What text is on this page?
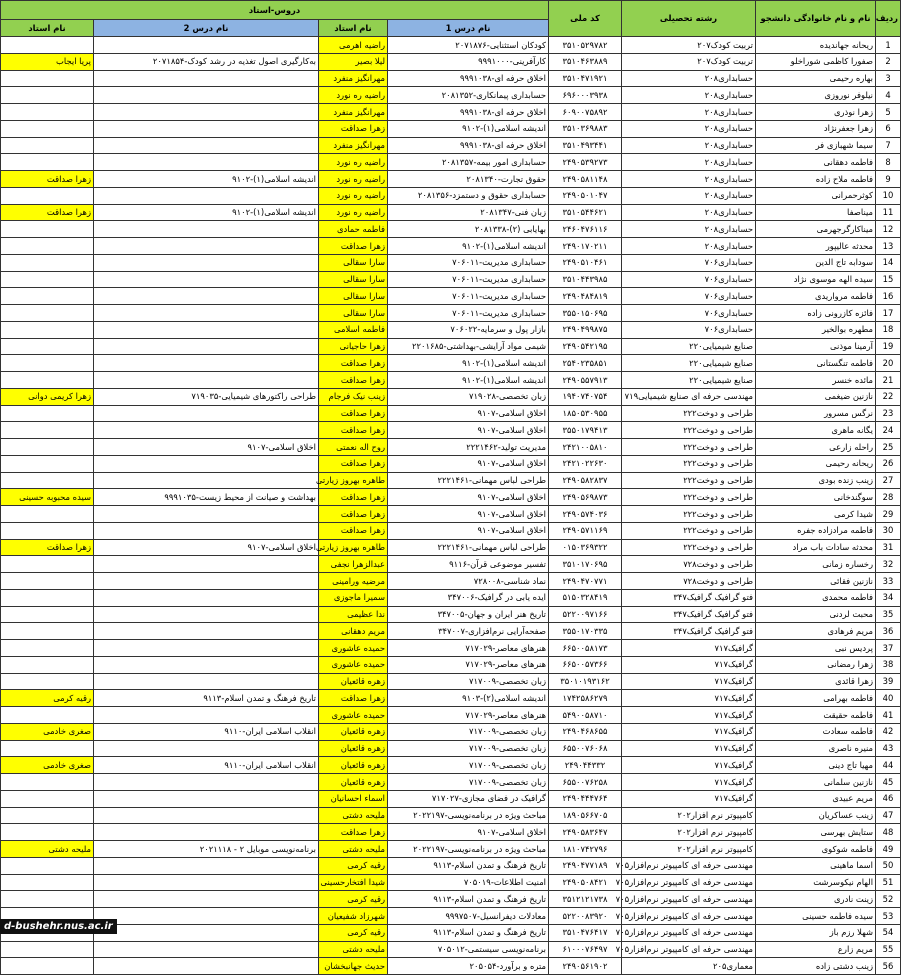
ردیف	نام و نام خانوادگی دانشجو	رشته تحصیلی	کد ملی	دروس-استاد			
				نام درس 1	نام استاد	نام درس 2	نام استاد
1	ریحانه جهاندیده	تربیت کودک۲۰۷	۳۵۱۰۵۲۹۷۸۲	کودکان استثنایی-۲۰۷۱۸۷۶	راضیه اهرمی		
2	صفورا کاظمی شوراخلو	تربیت کودک۲۰۷	۳۵۱۰۴۶۳۸۸۹	کارآفرینی-۹۹۹۱۰۰۰	لیلا بصیر	به‌کارگیری اصول تغذیه در رشد کودک-۲۰۷۱۸۵۴	پریا ایجاب
3	بهاره رحیمی	حسابداری۲۰۸	۳۵۱۰۴۷۱۹۲۱	اخلاق حرفه ای-۹۹۹۱۰۳۸	مهرانگیز منفرد		
4	نیلوفر نوروزی	حسابداری۲۰۸	۶۹۶۰۰۰۳۹۳۸	حسابداری پیمانکاری-۲۰۸۱۳۵۲	راضیه ره نورد		
5	زهرا نوذری	حسابداری۲۰۸	۶۰۹۰۰۷۵۸۹۲	اخلاق حرفه ای-۹۹۹۱۰۳۸	مهرانگیز منفرد		
6	زهرا جعفرنژاد	حسابداری۲۰۸	۳۵۱۰۳۶۹۸۸۳	اندیشه اسلامی(۱)-۹۱۰۲	زهرا صداقت		
7	سیما شهبازی فر	حسابداری۲۰۸	۳۵۱۰۴۹۳۴۴۱	اخلاق حرفه ای-۹۹۹۱۰۳۸	مهرانگیز منفرد		
8	فاطمه دهقانی	حسابداری۲۰۸	۲۴۹۰۵۳۹۲۷۳	حسابداری امور بیمه-۲۰۸۱۳۵۷	راضیه ره نورد		
9	فاطمه ملاح زاده	حسابداری۲۰۸	۲۴۹۰۵۸۱۱۴۸	حقوق تجارت-۲۰۸۱۳۴۰	راضیه ره نورد	اندیشه اسلامی(۱)-۹۱۰۲	زهرا صداقت
10	کوثرحمرانی	حسابداری۲۰۸	۲۴۹۰۵۰۱۰۴۷	حسابداری حقوق و دستمزد-۲۰۸۱۳۵۶	راضیه ره نورد		
11	میناصفا	حسابداری۲۰۸	۳۵۱۰۵۴۴۶۲۱	زبان فنی-۲۰۸۱۳۴۷	راضیه ره نورد	اندیشه اسلامی(۱)-۹۱۰۲	زهرا صداقت
12	میناکارگرجهرمی	حسابداری۲۰۸	۲۴۶۰۴۷۶۱۱۶	بهایابی (۲)-۲۰۸۱۳۳۸	فاطمه حمادی		
13	محدثه عالیپور	حسابداری۲۰۸	۲۴۹۰۱۷۰۲۱۱	اندیشه اسلامی(۱)-۹۱۰۲	زهرا صداقت		
14	سودابه تاج الدین	حسابداری۷۰۶	۲۴۹۰۵۱۰۴۶۱	حسابداری مدیریت-۷۰۶۰۱۱	سارا سقالی		
15	سیده الهه موسوی نژاد	حسابداری۷۰۶	۳۵۱۰۴۴۳۹۸۵	حسابداری مدیریت-۷۰۶۰۱۱	سارا سقالی		
16	فاطمه مرواریدی	حسابداری۷۰۶	۲۴۹۰۴۸۴۸۱۹	حسابداری مدیریت-۷۰۶۰۱۱	سارا سقالی		
17	فائزه کازرونی زاده	حسابداری۷۰۶	۳۵۵۰۱۵۰۶۹۵	حسابداری مدیریت-۷۰۶۰۱۱	سارا سقالی		
18	مطهره بوالخیر	حسابداری۷۰۶	۲۴۹۰۴۹۹۸۷۵	بازار پول و سرمایه-۷۰۶۰۲۲	فاطمه اسلامی		
19	آرمینا موذنی	صنایع شیمیایی۲۲۰	۲۴۹۰۵۴۲۱۹۵	شیمی مواد آرایشی-بهداشتی-۲۲۰۱۶۸۵	زهرا حاجیانی		
20	فاطمه تنگستانی	صنایع شیمیایی۲۲۰	۲۵۴۰۲۳۵۸۵۱	اندیشه اسلامی(۱)-۹۱۰۲	زهرا صداقت		
21	مائده خنسر	صنایع شیمیایی۲۲۰	۲۴۹۰۵۵۷۹۱۳	اندیشه اسلامی(۱)-۹۱۰۲	زهرا صداقت		
22	نازنین ضیغمی	مهندسی حرفه ای صنایع شیمیایی۷۱۹	۱۹۴۰۷۴۰۷۵۴	زبان تخصصی-۷۱۹۰۲۸	زینب نیک فرجام	طراحی راکتورهای شیمیایی-۷۱۹۰۳۵	زهرا کریمی دوانی
23	نرگس مسرور	طراحی و دوخت۲۲۲	۱۸۵۰۵۳۰۹۵۵	اخلاق اسلامی-۹۱۰۷	زهرا صداقت		
24	یگانه ماهری	طراحی و دوخت۲۲۲	۳۵۵۰۱۷۹۴۱۳	اخلاق اسلامی-۹۱۰۷	زهرا صداقت		
25	راحله زارعی	طراحی و دوخت۲۲۲	۲۴۲۱۰۰۵۸۱۰	مدیریت تولید-۲۲۲۱۴۶۲	روح اله نعمتی	اخلاق اسلامی-۹۱۰۷	
26	ریحانه رحیمی	طراحی و دوخت۲۲۲	۲۴۲۱۰۲۲۶۳۰	اخلاق اسلامی-۹۱۰۷	زهرا صداقت		
27	زینب زنده بودی	طراحی و دوخت۲۲۲	۲۴۹۰۵۸۲۸۳۷	طراحی لباس مهمانی-۲۲۲۱۴۶۱	طاهره بهروز زیارتی		
28	سوگندخانی	طراحی و دوخت۲۲۲	۲۴۹۰۵۶۹۸۷۳	اخلاق اسلامی-۹۱۰۷	زهرا صداقت	بهداشت و صیانت از محیط زیست-۹۹۹۱۰۳۵	سیده محبوبه حسینی
29	شیدا کرمی	طراحی و دوخت۲۲۲	۲۴۹۰۵۷۴۰۳۶	اخلاق اسلامی-۹۱۰۷	زهرا صداقت		
30	فاطمه مرادزاده جفره	طراحی و دوخت۲۲۲	۲۴۹۰۵۷۱۱۶۹	اخلاق اسلامی-۹۱۰۷	زهرا صداقت		
31	محدثه سادات باب مراد	طراحی و دوخت۲۲۲	۰۱۵۰۳۶۹۳۲۲	طراحی لباس مهمانی-۲۲۲۱۴۶۱	طاهره بهروز زیارتی	اخلاق اسلامی-۹۱۰۷	زهرا صداقت
32	رخساره زمانی	طراحی و دوخت۷۲۸	۳۵۱۰۱۷۰۶۹۵	تفسیر موضوعی قرآن-۹۱۱۶	عبدالزهرا نجفی		
33	نازنین فقائی	طراحی و دوخت۷۲۸	۲۴۹۰۴۷۰۷۷۱	نماد شناسی-۷۲۸۰۰۸	مرضیه ورامینی		
34	فاطمه محمدی	فتو گرافیک گرافیک۳۴۷	۵۱۵۰۳۲۸۴۱۹	ایده یابی در گرافیک-۳۴۷۰۰۶	سمیرا ماجوزی		
35	محبت لردنی	فتو گرافیک گرافیک۳۴۷	۵۲۲۰۰۹۷۱۶۶	تاریخ هنر ایران و جهان-۳۴۷۰۰۵	ندا عظیمی		
36	مریم فرهادی	فتو گرافیک گرافیک۳۴۷	۳۵۵۰۱۷۰۳۳۵	صفحه‌آرایی نرم‌افزاری-۳۴۷۰۰۷	مریم دهقانی		
37	پردیس نبی	گرافیک۷۱۷	۶۶۵۰۰۵۸۱۷۳	هنرهای معاصر-۷۱۷۰۲۹	حمیده عاشوری		
38	زهرا رمضانی	گرافیک۷۱۷	۶۶۵۰۰۵۷۳۶۶	هنرهای معاصر-۷۱۷۰۲۹	حمیده عاشوری		
39	زهرا قائدی	گرافیک۷۱۷	۳۵۰۱۰۱۹۳۱۶۲	زبان تخصصی-۷۱۷۰۰۹	زهره قائعیان		
40	فاطمه بهرامی	گرافیک۷۱۷	۱۷۴۲۵۸۶۲۷۹	اندیشه اسلامی(۲)-۹۱۰۳	زهرا صداقت	تاریخ فرهنگ و تمدن اسلام-۹۱۱۳	رقیه کرمی
41	فاطمه حقیقت	گرافیک۷۱۷	۵۴۹۰۰۵۸۷۱۰	هنرهای معاصر-۷۱۷۰۲۹	حمیده عاشوری		
42	فاطمه سعادت	گرافیک۷۱۷	۲۴۹۰۴۶۸۶۵۵	زبان تخصصی-۷۱۷۰۰۹	زهره قائعیان	انقلاب اسلامی ایران-۹۱۱۰	صغری خادمی
43	منیره ناصری	گرافیک۷۱۷	۶۵۵۰۰۷۶۰۶۸	زبان تخصصی-۷۱۷۰۰۹	زهره قائعیان		
44	مهیا تاج دینی	گرافیک۷۱۷	۲۴۹۰۴۴۳۳۲	زبان تخصصی-۷۱۷۰۰۹	زهره قائعیان	انقلاب اسلامی ایران-۹۱۱۰	صغری خادمی
45	نازنین سلمانی	گرافیک۷۱۷	۶۵۵۰۰۷۶۲۵۸	زبان تخصصی-۷۱۷۰۰۹	زهره قائعیان		
46	مریم عبیدی	گرافیک۷۱۷	۲۴۹۰۴۴۴۷۶۴	گرافیک در فضای مجازی-۷۱۷۰۲۷	اسماء احسانیان		
47	زینب عساکریان	کامپیوتر نرم افزار۲۰۲	۱۸۹۰۵۶۶۷۰۵	مباحث ویژه در برنامه‌نویسی-۲۰۲۲۱۹۷	ملیحه دشتی		
48	ستایش بهرسی	کامپیوتر نرم افزار۲۰۲	۲۴۹۰۵۸۳۶۴۷	اخلاق اسلامی-۹۱۰۷	زهرا صداقت		
49	فاطمه شوکوی	کامپیوتر نرم افزار۲۰۲	۱۸۱۰۷۴۲۷۹۶	مباحث ویژه در برنامه‌نویسی-۲۰۲۲۱۹۷	ملیحه دشتی	برنامه‌نویسی موبایل ۲ - ۲۰۲۱۱۱۸	ملیحه دشتی
50	اسما ماهینی	مهندسی حرفه ای کامپیوتر نرم‌افزار۷۰۵	۲۴۹۰۴۷۷۱۸۹	تاریخ فرهنگ و تمدن اسلام-۹۱۱۳	رقیه کرمی		
51	الهام نیکوسرشت	مهندسی حرفه ای کامپیوتر نرم‌افزار۷۰۵	۲۴۹۰۵۰۸۴۲۱	امنیت اطلاعات-۷۰۵۰۱۹	شیدا افتخارحسینی		
52	زینت نادری	مهندسی حرفه ای کامپیوتر نرم‌افزار۷۰۵	۳۵۱۲۱۲۱۷۳۸	تاریخ فرهنگ و تمدن اسلام-۹۱۱۳	رقیه کرمی		
53	سیده فاطمه حسینی	مهندسی حرفه ای کامپیوتر نرم‌افزار۷۰۵	۵۲۲۰۰۸۳۹۲۰	معادلات دیفرانسیل-۹۹۹۷۵۰۷	شهرزاد شفیعیان		
54	شهلا رزم باز	مهندسی حرفه ای کامپیوتر نرم‌افزار۷۰۵	۳۵۱۰۴۷۶۴۱۷	تاریخ فرهنگ و تمدن اسلام-۹۱۱۳	رقیه کرمی		
55	مریم زارع	مهندسی حرفه ای کامپیوتر نرم‌افزار۷۰۵	۶۱۰۰۰۷۶۴۹۷	برنامه‌نویسی سیستمی-۷۰۵۰۱۲	ملیحه دشتی		
56	زینب دشتی زاده	معماری۲۰۵	۲۴۹۰۵۶۱۹۰۲	متره و برآورد-۲۰۵۰۵۴	حدیث جهانبخشان		
d-bushehr.nus.ac.ir
